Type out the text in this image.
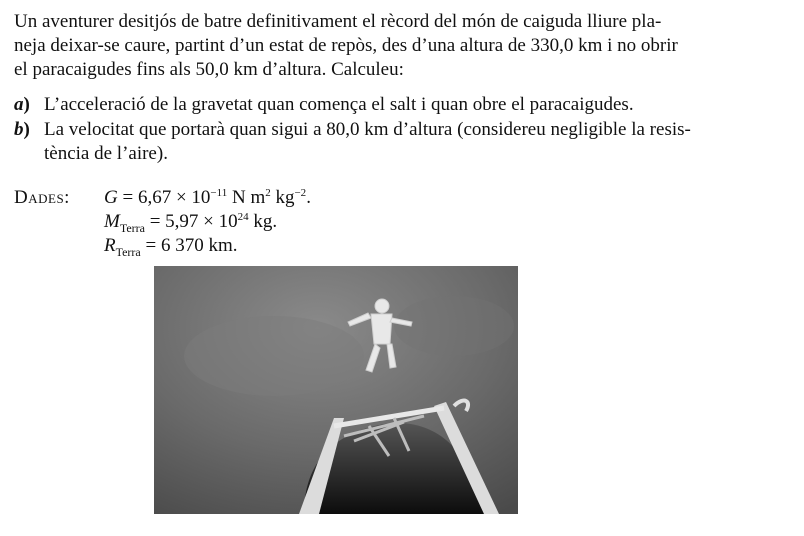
Un aventurer desitjós de batre definitivament el rècord del món de caiguda lliure pla-
neja deixar-se caure, partint d’un estat de repòs, des d’una altura de 330,0 km i no obrir
el paracaigudes fins als 50,0 km d’altura. Calculeu:
a) L’acceleració de la gravetat quan comença el salt i quan obre el paracaigudes.
b) La velocitat que portarà quan sigui a 80,0 km d’altura (considereu negligible la resis-
tència de l’aire).
Dades: $G = 6,67 \times 10^{-11}$ N $m^2$ $kg^{-2}$.
$M_{Terra} = 5,97 \times 10^{24}$ kg.
$R_{Terra} = 6$ 370 km.
